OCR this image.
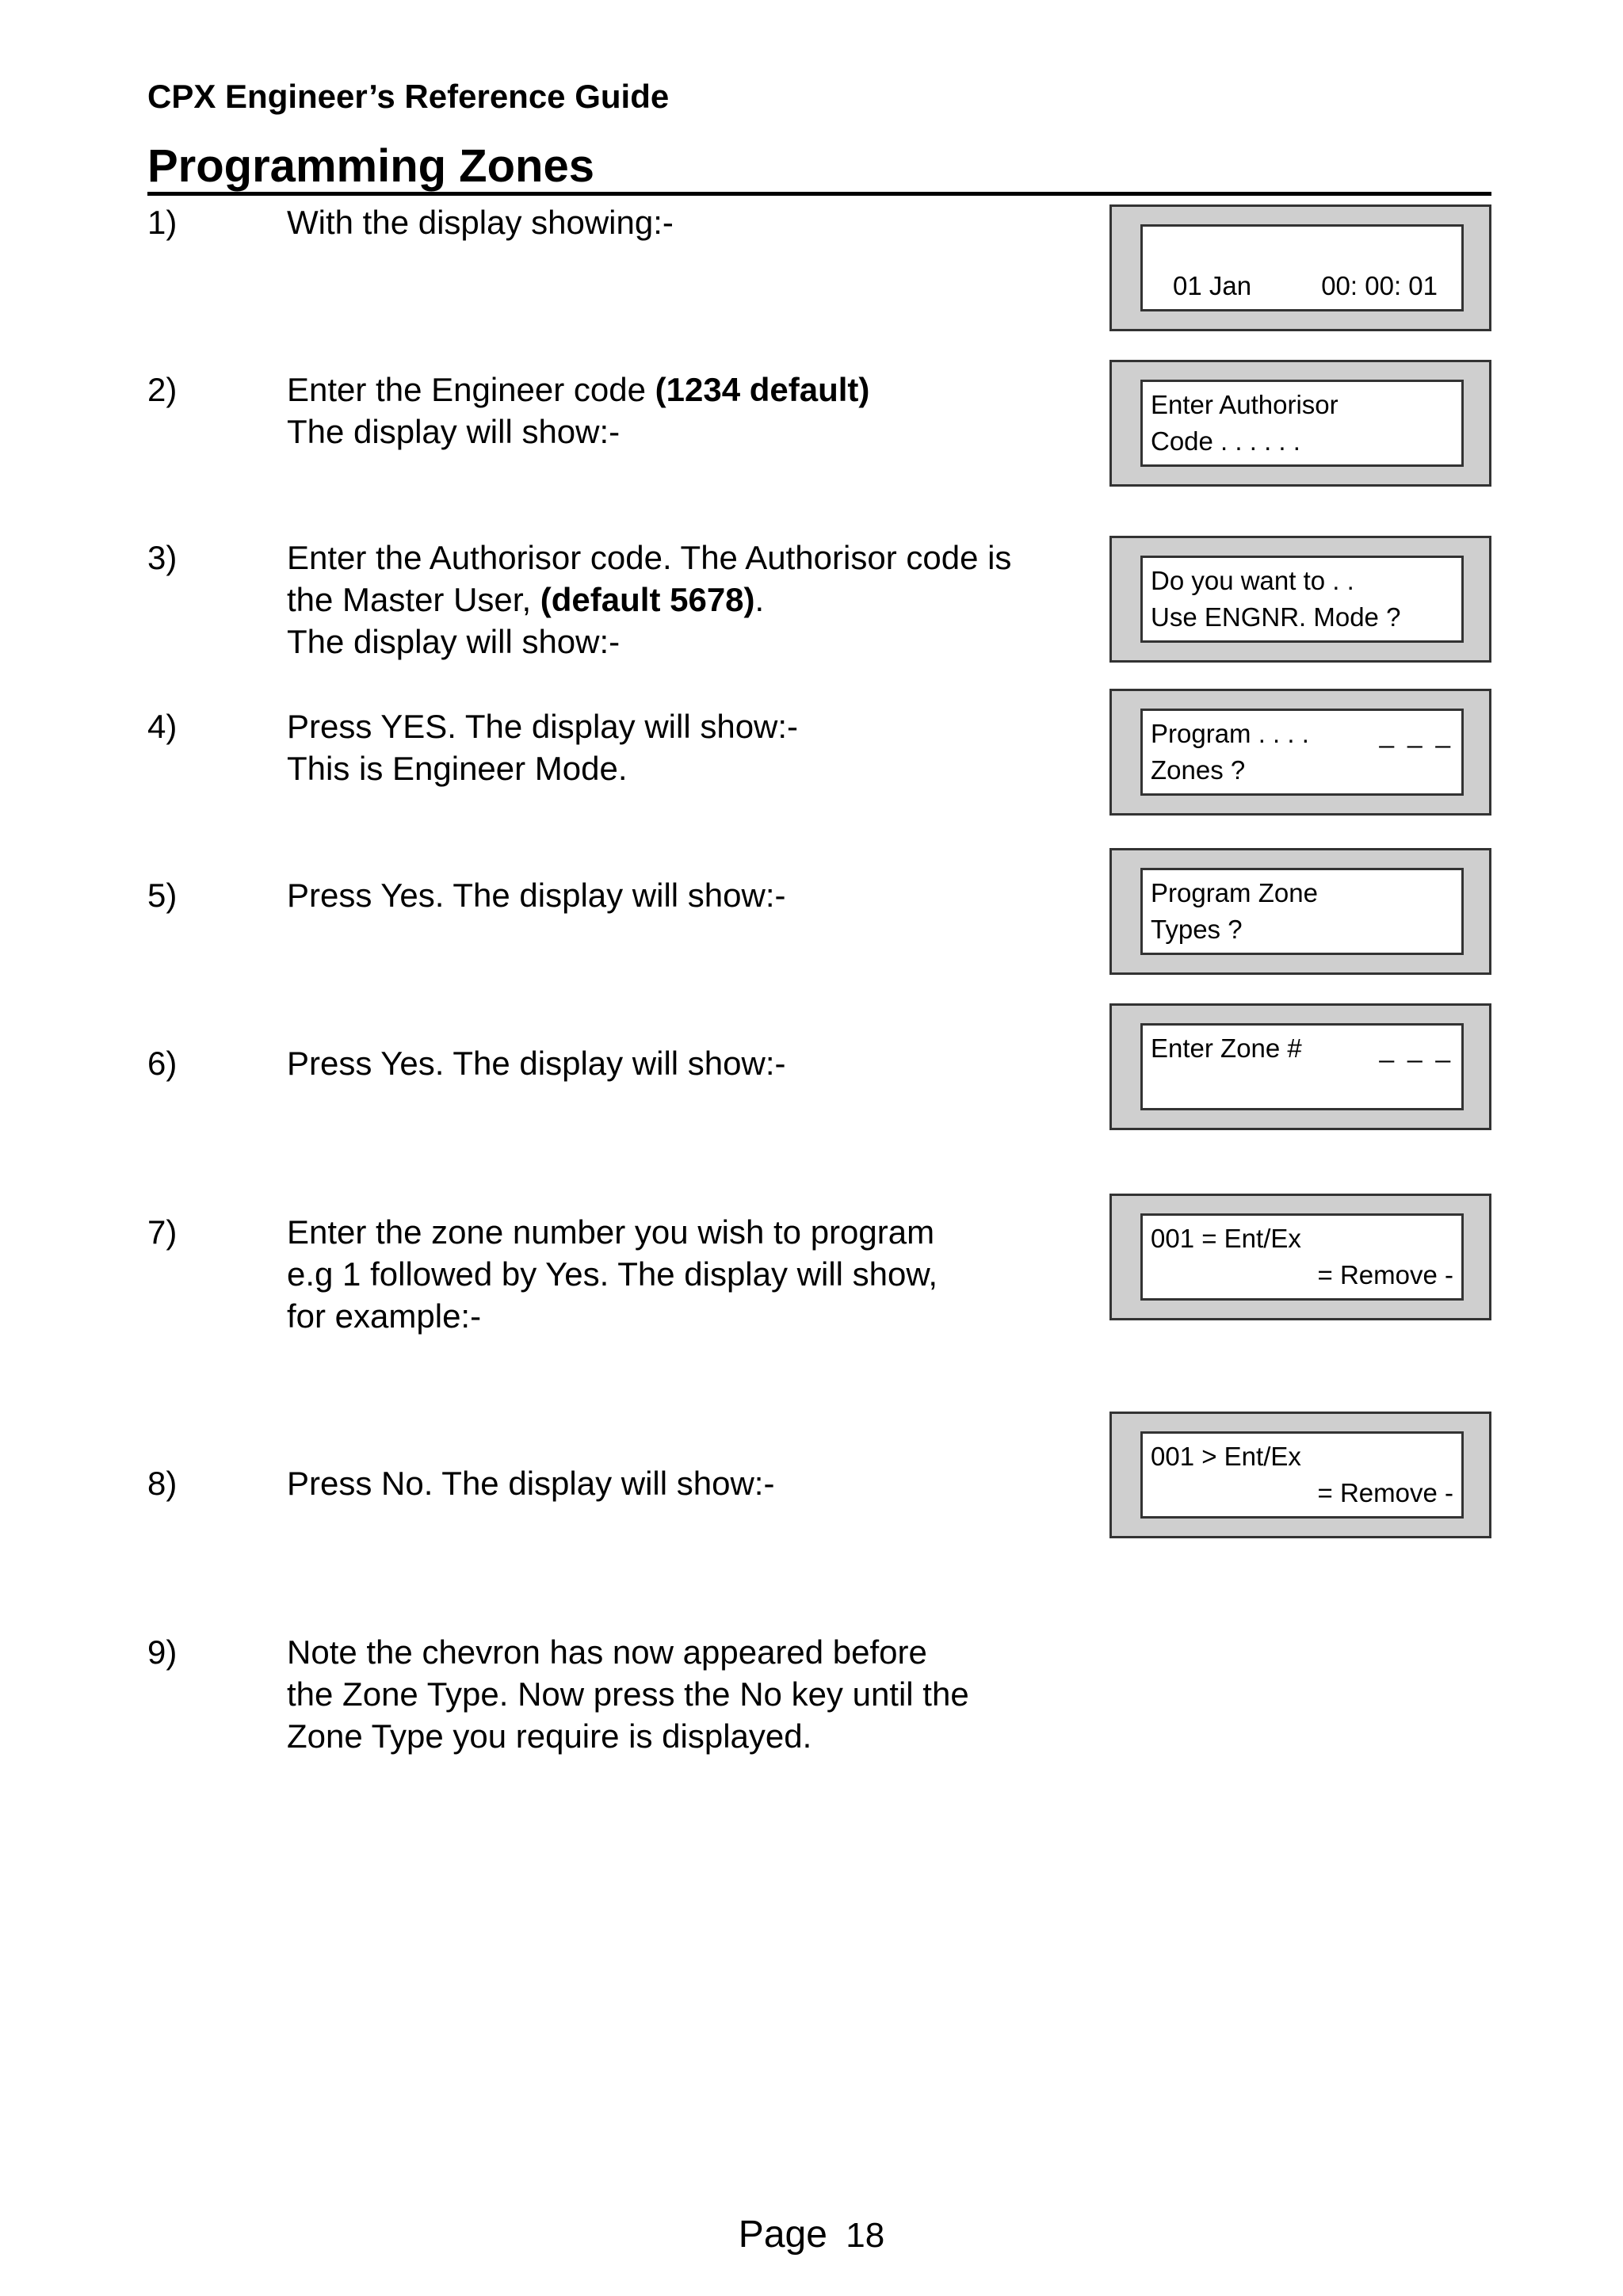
CPX Engineer’s Reference Guide
Programming Zones
1)	With the display showing:-
2)	Enter the Engineer code (1234 default)
The display will show:-
3)	Enter the Authorisor code. The Authorisor code is
the Master User, (default 5678).
The display will show:-
4)	Press YES. The display will show:-
This is Engineer Mode.
5)	Press Yes. The display will show:-
6)	Press Yes. The display will show:-
7)	Enter the zone number you wish to program
e.g 1 followed by Yes. The display will show,
for example:-
8)	Press No. The display will show:-
9)	Note the chevron has now appeared before
the Zone Type. Now press the No key until the
Zone Type you require is displayed.
Page 18
01 Jan	00: 00: 01
Enter Authorisor
Code . . . . . .
Do you want to . .
Use ENGNR. Mode ?
Program . . . .	_ _ _
Zones ?
Program Zone
Types ?
Enter Zone #	_ _ _
001 = Ent/Ex
= Remove -
001 > Ent/Ex
= Remove -
